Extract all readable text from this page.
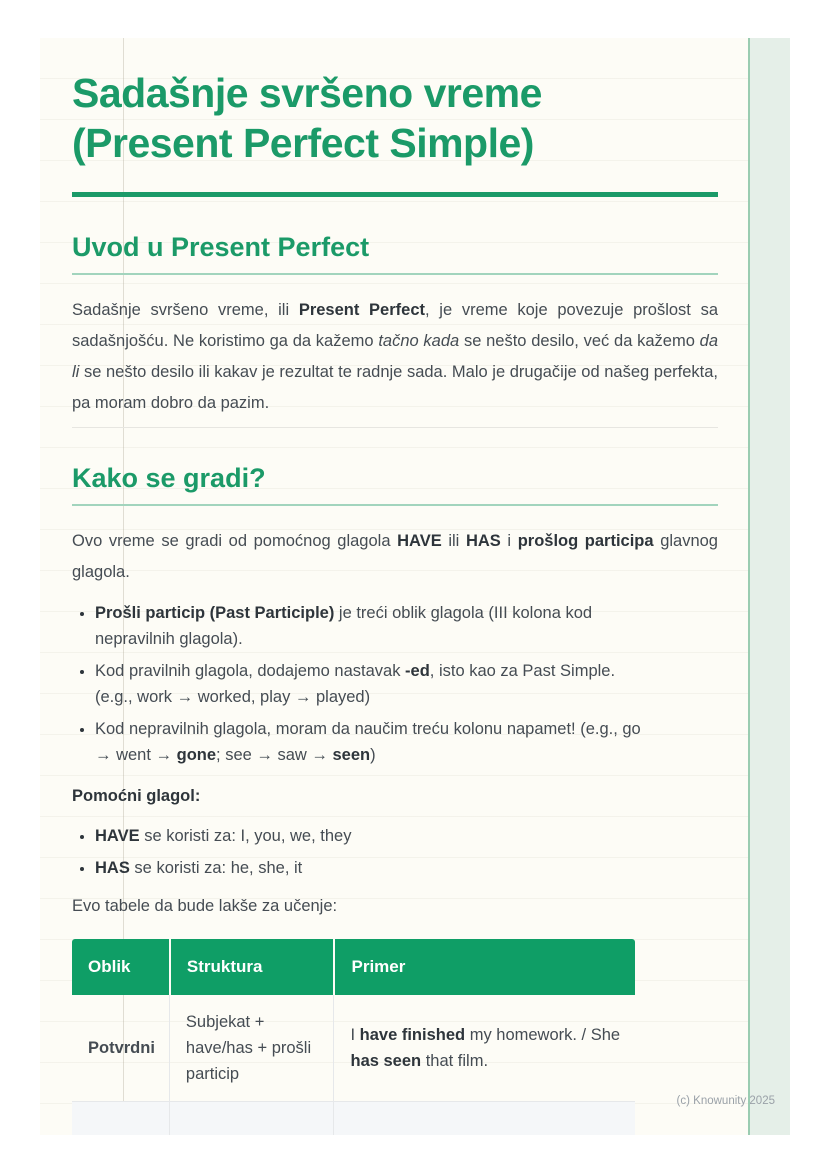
Sadašnje svršeno vreme
(Present Perfect Simple)
Uvod u Present Perfect

Sadašnje svršeno vreme, ili Present Perfect, je vreme koje povezuje prošlost sa sadašnjošću. Ne koristimo ga da kažemo tačno kada se nešto desilo, već da kažemo da li se nešto desilo ili kakav je rezultat te radnje sada. Malo je drugačije od našeg perfekta, pa moram dobro da pazim.

Kako se gradi?

Ovo vreme se gradi od pomoćnog glagola HAVE ili HAS i prošlog participa glavnog glagola.

• Prošli particip (Past Participle) je treći oblik glagola (III kolona kod nepravilnih glagola).
• Kod pravilnih glagola, dodajemo nastavak -ed, isto kao za Past Simple. (e.g., work → worked, play → played)
• Kod nepravilnih glagola, moram da naučim treću kolonu napamet! (e.g., go → went → gone; see → saw → seen)

Pomoćni glagol:

• HAVE se koristi za: I, you, we, they
• HAS se koristi za: he, she, it

Evo tabele da bude lakše za učenje:

Oblik	Struktura	Primer
Potvrdni	Subjekat + have/has + prošli particip	I have finished my homework. / She has seen that film.

(c) Knowunity 2025
